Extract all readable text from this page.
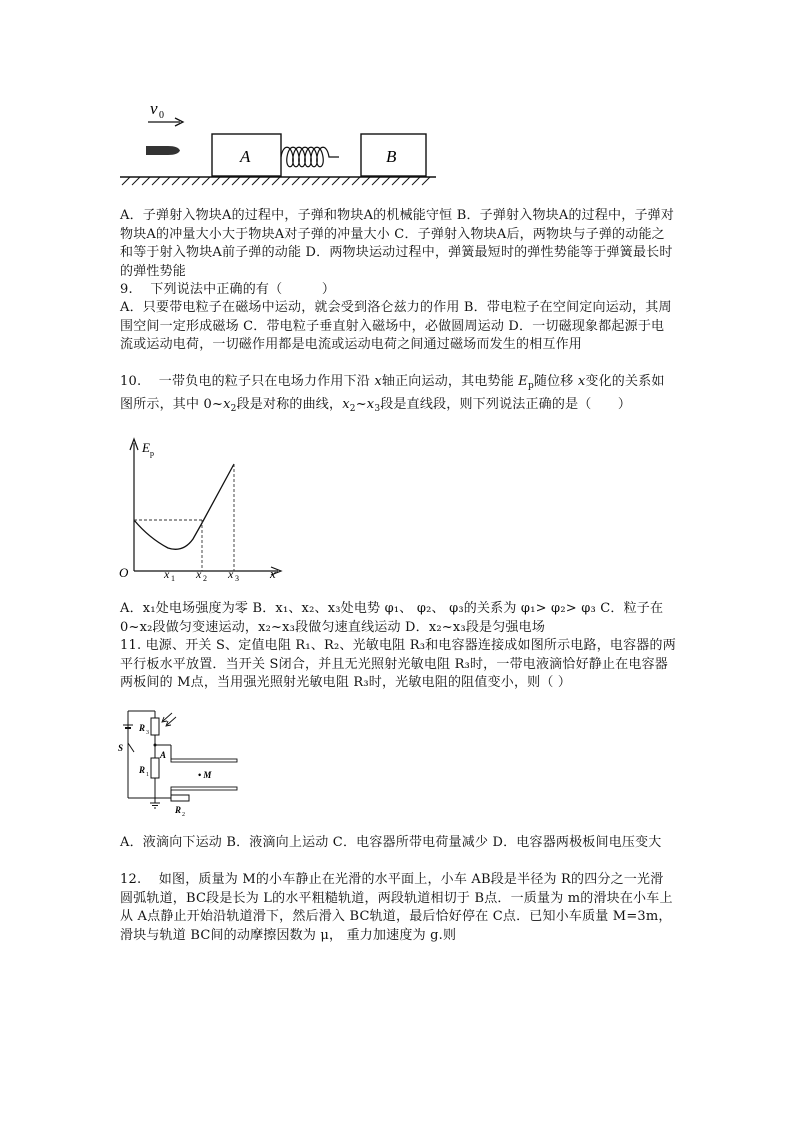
v 0
A	B
A．子弹射入物块A的过程中，子弹和物块A的机械能守恒 B．子弹射入物块A的过程中，子弹对物块A的冲量大小大于物块A对子弹的冲量大小 C．子弹射入物块A后，两物块与子弹的动能之和等于射入物块A前子弹的动能 D．两物块运动过程中，弹簧最短时的弹性势能等于弹簧最长时的弹性势能
9.　 下列说法中正确的有（　　　）
A．只要带电粒子在磁场中运动，就会受到洛仑兹力的作用 B．带电粒子在空间定向运动，其周围空间一定形成磁场 C．带电粒子垂直射入磁场中，必做圆周运动 D．一切磁现象都起源于电流或运动电荷，一切磁作用都是电流或运动电荷之间通过磁场而发生的相互作用
10.　 一带负电的粒子只在电场力作用下沿 x轴正向运动，其电势能 $E_p$随位移 x变化的关系如图所示，其中 $0\sim x_2$段是对称的曲线，$x_2\sim x_3$段是直线段，则下列说法正确的是（　　）
E p
O	x
x 1 x 2 x 3
A．x₁处电场强度为零 B．x₁、x₂、x₃处电势 φ₁、 φ₂、 φ₃的关系为 φ₁> φ₂> φ₃ C．粒子在 0~x₂段做匀变速运动，x₂~x₃段做匀速直线运动 D．x₂~x₃段是匀强电场
11. 电源、开关 S、定值电阻 R₁、R₂、光敏电阻 R₃和电容器连接成如图所示电路，电容器的两平行板水平放置．当开关 S闭合，并且无光照射光敏电阻 R₃时，一带电液滴恰好静止在电容器两板间的 M点，当用强光照射光敏电阻 R₃时，光敏电阻的阻值变小，则（ ）
S
R 3
A
R 1	• M
R 2
A．液滴向下运动 B．液滴向上运动 C．电容器所带电荷量减少 D．电容器两极板间电压变大
12.　 如图，质量为 M的小车静止在光滑的水平面上，小车 AB段是半径为 R的四分之一光滑圆弧轨道，BC段是长为 L的水平粗糙轨道，两段轨道相切于 B点．一质量为 m的滑块在小车上从 A点静止开始沿轨道滑下，然后滑入 BC轨道，最后恰好停在 C点．已知小车质量 M=3m， 滑块与轨道 BC间的动摩擦因数为 μ， 重力加速度为 g.则
